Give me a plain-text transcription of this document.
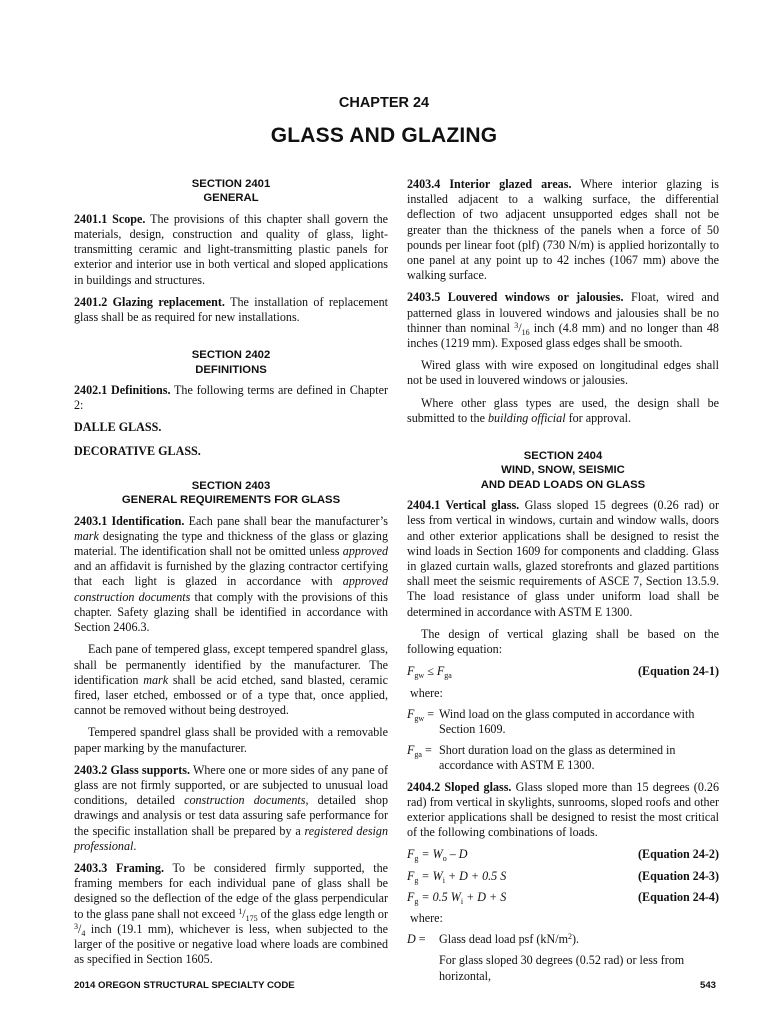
CHAPTER 24
GLASS AND GLAZING
SECTION 2401
GENERAL

2401.1 Scope. The provisions of this chapter shall govern the materials, design, construction and quality of glass, light-transmitting ceramic and light-transmitting plastic panels for exterior and interior use in both vertical and sloped applications in buildings and structures.

2401.2 Glazing replacement. The installation of replacement glass shall be as required for new installations.

SECTION 2402
DEFINITIONS

2402.1 Definitions. The following terms are defined in Chapter 2:

DALLE GLASS.

DECORATIVE GLASS.

SECTION 2403
GENERAL REQUIREMENTS FOR GLASS

2403.1 Identification. Each pane shall bear the manufacturer’s mark designating the type and thickness of the glass or glazing material. The identification shall not be omitted unless approved and an affidavit is furnished by the glazing contractor certifying that each light is glazed in accordance with approved construction documents that comply with the provisions of this chapter. Safety glazing shall be identified in accordance with Section 2406.3.

Each pane of tempered glass, except tempered spandrel glass, shall be permanently identified by the manufacturer. The identification mark shall be acid etched, sand blasted, ceramic fired, laser etched, embossed or of a type that, once applied, cannot be removed without being destroyed.

Tempered spandrel glass shall be provided with a removable paper marking by the manufacturer.

2403.2 Glass supports. Where one or more sides of any pane of glass are not firmly supported, or are subjected to unusual load conditions, detailed construction documents, detailed shop drawings and analysis or test data assuring safe performance for the specific installation shall be prepared by a registered design professional.

2403.3 Framing. To be considered firmly supported, the framing members for each individual pane of glass shall be designed so the deflection of the edge of the glass perpendicular to the glass pane shall not exceed $^1/_{175}$ of the glass edge length or $^3/_4$ inch (19.1 mm), whichever is less, when subjected to the larger of the positive or negative load where loads are combined as specified in Section 1605.

2403.4 Interior glazed areas. Where interior glazing is installed adjacent to a walking surface, the differential deflection of two adjacent unsupported edges shall not be greater than the thickness of the panels when a force of 50 pounds per linear foot (plf) (730 N/m) is applied horizontally to one panel at any point up to 42 inches (1067 mm) above the walking surface.

2403.5 Louvered windows or jalousies. Float, wired and patterned glass in louvered windows and jalousies shall be no thinner than nominal $^3/_{16}$ inch (4.8 mm) and no longer than 48 inches (1219 mm). Exposed glass edges shall be smooth.

Wired glass with wire exposed on longitudinal edges shall not be used in louvered windows or jalousies.

Where other glass types are used, the design shall be submitted to the building official for approval.

SECTION 2404
WIND, SNOW, SEISMIC
AND DEAD LOADS ON GLASS

2404.1 Vertical glass. Glass sloped 15 degrees (0.26 rad) or less from vertical in windows, curtain and window walls, doors and other exterior applications shall be designed to resist the wind loads in Section 1609 for components and cladding. Glass in glazed curtain walls, glazed storefronts and glazed partitions shall meet the seismic requirements of ASCE 7, Section 13.5.9. The load resistance of glass under uniform load shall be determined in accordance with ASTM E 1300.

The design of vertical glazing shall be based on the following equation:

$F_{gw} \le F_{ga}$	(Equation 24-1)
where:
$F_{gw}$ = Wind load on the glass computed in accordance with Section 1609.
$F_{ga}$ = Short duration load on the glass as determined in accordance with ASTM E 1300.

2404.2 Sloped glass. Glass sloped more than 15 degrees (0.26 rad) from vertical in skylights, sunrooms, sloped roofs and other exterior applications shall be designed to resist the most critical of the following combinations of loads.

$F_g = W_o - D$	(Equation 24-2)
$F_g = W_i + D + 0.5$ S	(Equation 24-3)
$F_g = 0.5$ $W_i + D + S$	(Equation 24-4)
where:
D =	Glass dead load psf $(kN/m^2)$.
For glass sloped 30 degrees (0.52 rad) or less from horizontal,
2014 OREGON STRUCTURAL SPECIALTY CODE	543
